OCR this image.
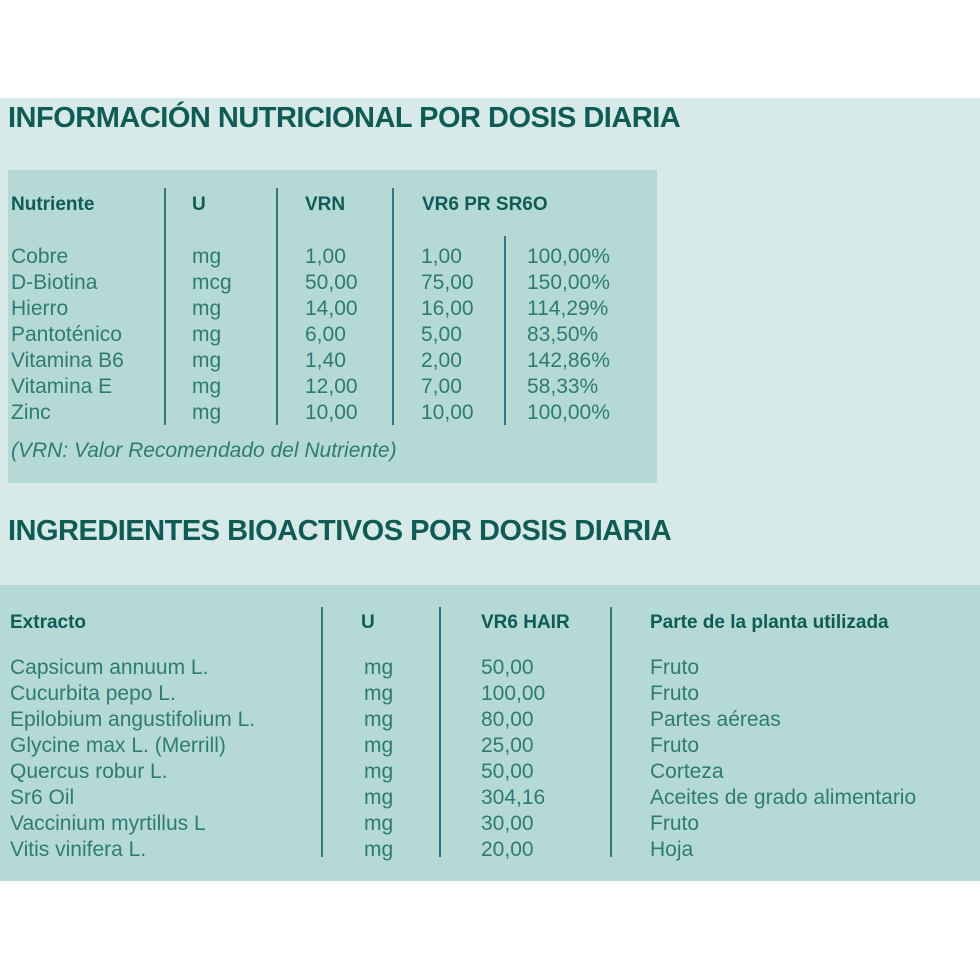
INFORMACIÓN NUTRICIONAL POR DOSIS DIARIA
Nutriente	U	VRN	VR6 PR SR6O
Cobre	mg	1,00	1,00	100,00%
D-Biotina	mcg	50,00	75,00	150,00%
Hierro	mg	14,00	16,00	114,29%
Pantoténico	mg	6,00	5,00	83,50%
Vitamina B6	mg	1,40	2,00	142,86%
Vitamina E	mg	12,00	7,00	58,33%
Zinc	mg	10,00	10,00	100,00%

(VRN: Valor Recomendado del Nutriente)

INGREDIENTES BIOACTIVOS POR DOSIS DIARIA
Extracto	U	VR6 HAIR	Parte de la planta utilizada
Capsicum annuum L.	mg	50,00	Fruto
Cucurbita pepo L.	mg	100,00	Fruto
Epilobium angustifolium L.	mg	80,00	Partes aéreas
Glycine max L. (Merrill)	mg	25,00	Fruto
Quercus robur L.	mg	50,00	Corteza
Sr6 Oil	mg	304,16	Aceites de grado alimentario
Vaccinium myrtillus L	mg	30,00	Fruto
Vitis vinifera L.	mg	20,00	Hoja
